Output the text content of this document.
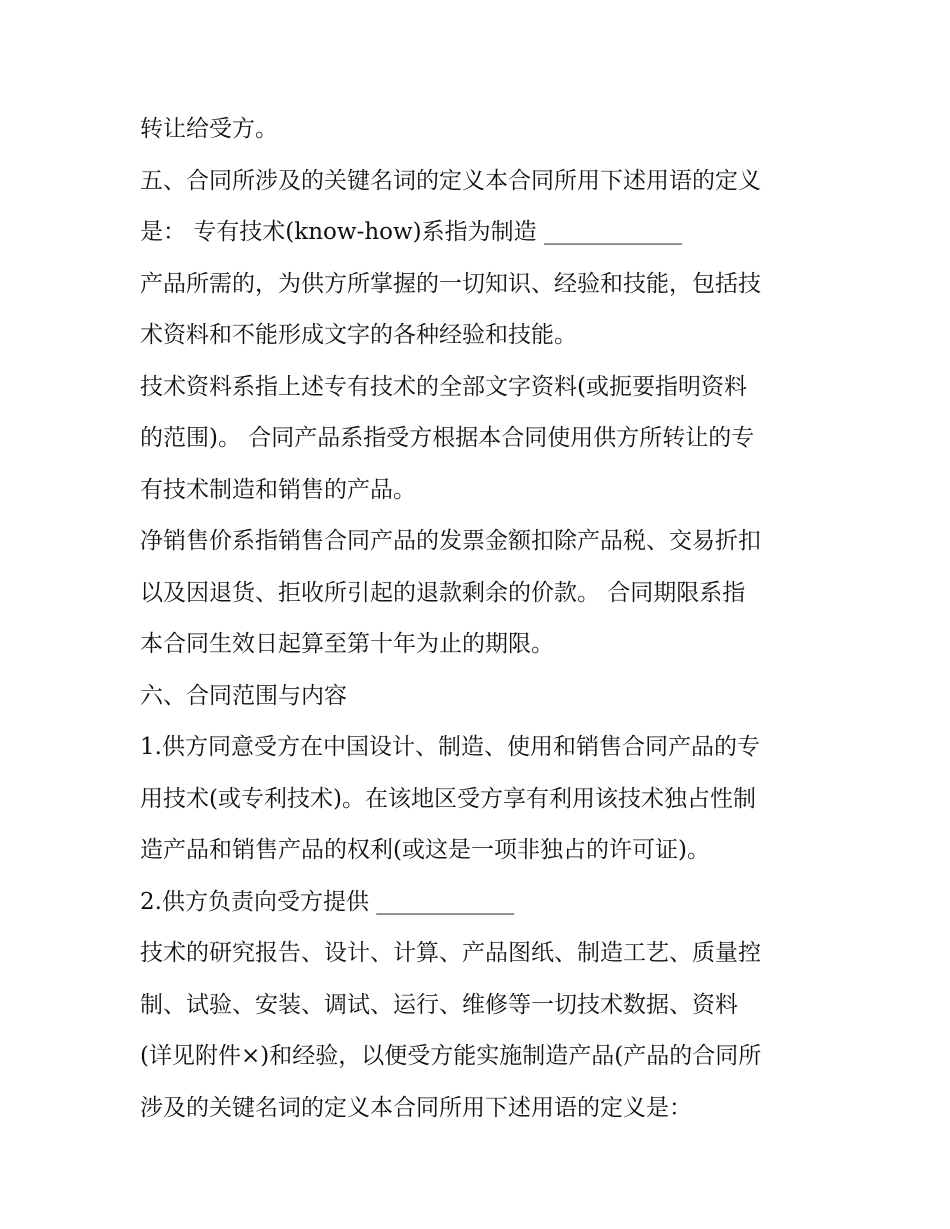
转让给受方。
五、合同所涉及的关键名词的定义本合同所用下述用语的定义
是： 专有技术(know-how)系指为制造 ____________
产品所需的，为供方所掌握的一切知识、经验和技能，包括技
术资料和不能形成文字的各种经验和技能。
技术资料系指上述专有技术的全部文字资料(或扼要指明资料
的范围)。 合同产品系指受方根据本合同使用供方所转让的专
有技术制造和销售的产品。
净销售价系指销售合同产品的发票金额扣除产品税、交易折扣
以及因退货、拒收所引起的退款剩余的价款。 合同期限系指
本合同生效日起算至第十年为止的期限。
六、合同范围与内容
1.供方同意受方在中国设计、制造、使用和销售合同产品的专
用技术(或专利技术)。在该地区受方享有利用该技术独占性制
造产品和销售产品的权利(或这是一项非独占的许可证)。
2.供方负责向受方提供 ____________
技术的研究报告、设计、计算、产品图纸、制造工艺、质量控
制、试验、安装、调试、运行、维修等一切技术数据、资料
(详见附件×)和经验，以便受方能实施制造产品(产品的合同所
涉及的关键名词的定义本合同所用下述用语的定义是：
